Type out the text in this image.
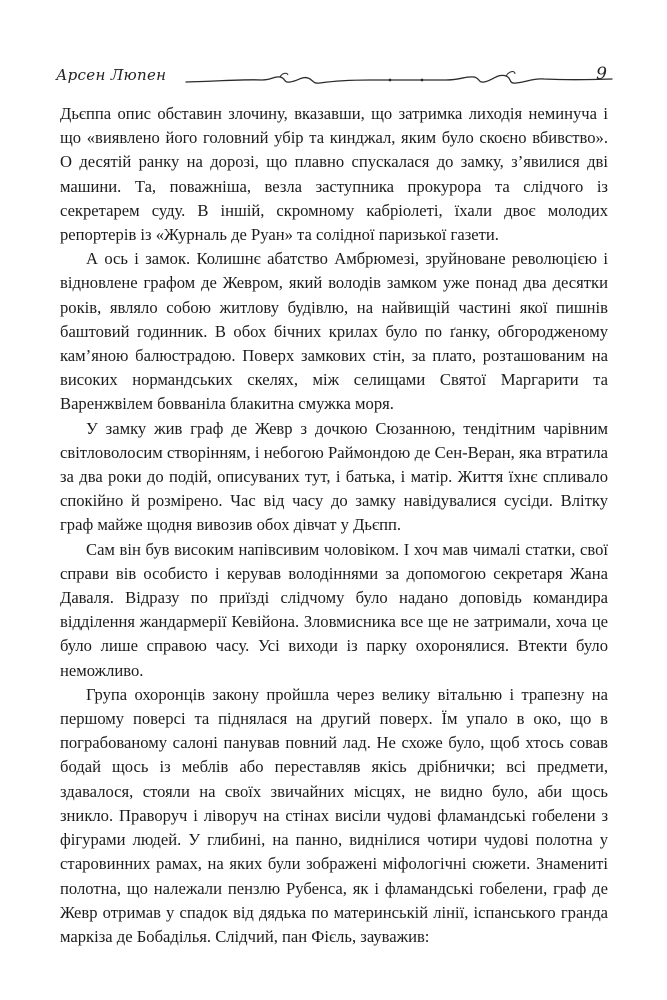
Арсен Люпен	9

Дьєппа опис обставин злочину, вказавши, що затримка лиходія неминуча і що «виявлено його головний убір та кинджал, яким було скоєно вбивство». О десятій ранку на дорозі, що плавно спускалася до замку, з’явилися дві машини. Та, поважніша, везла заступника прокурора та слідчого із секретарем суду. В іншій, скромному кабріолеті, їхали двоє молодих репортерів із «Журналь де Руан» та солідної паризької газети.

А ось і замок. Колишнє абатство Амбрюмезі, зруйноване революцією і відновлене графом де Жевром, який володів замком уже понад два десятки років, являло собою житлову будівлю, на найвищій частині якої пишнів баштовий годинник. В обох бічних крилах було по ґанку, обгородженому кам’яною балюстрадою. Поверх замкових стін, за плато, розташованим на високих нормандських скелях, між селищами Святої Маргарити та Варенжвілем бовваніла блакитна смужка моря.

У замку жив граф де Жевр з дочкою Сюзанною, тендітним чарівним світловолосим створінням, і небогою Раймондою де Сен-Веран, яка втратила за два роки до подій, описуваних тут, і батька, і матір. Життя їхнє спливало спокійно й розмірено. Час від часу до замку навідувалися сусіди. Влітку граф майже щодня вивозив обох дівчат у Дьєпп.

Сам він був високим напівсивим чоловіком. І хоч мав чималі статки, свої справи вів особисто і керував володіннями за допомогою секретаря Жана Даваля. Відразу по приїзді слідчому було надано доповідь командира відділення жандармерії Кевійона. Зловмисника все ще не затримали, хоча це було лише справою часу. Усі виходи із парку охоронялися. Втекти було неможливо.

Група охоронців закону пройшла через велику вітальню і трапезну на першому поверсі та піднялася на другий поверх. Їм упало в око, що в пограбованому салоні панував повний лад. Не схоже було, щоб хтось совав бодай щось із меблів або переставляв якісь дрібнички; всі предмети, здавалося, стояли на своїх звичайних місцях, не видно було, аби щось зникло. Праворуч і ліворуч на стінах висіли чудові фламандські гобелени з фігурами людей. У глибині, на панно, виднілися чотири чудові полотна у старовинних рамах, на яких були зображені міфологічні сюжети. Знамениті полотна, що належали пензлю Рубенса, як і фламандські гобелени, граф де Жевр отримав у спадок від дядька по материнській лінії, іспанського гранда маркіза де Бобаділья. Слідчий, пан Фієль, зауважив:
